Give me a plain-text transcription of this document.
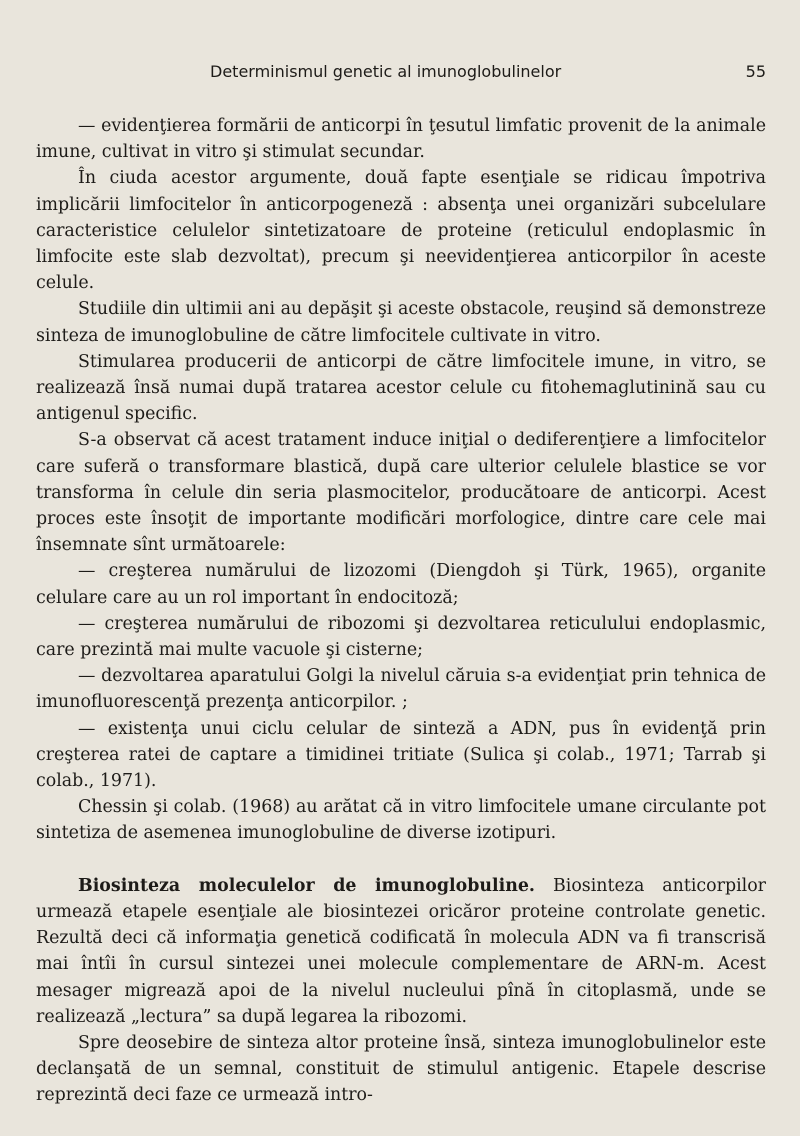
Determinismul genetic al imunoglobulinelor	55

— evidenţierea formării de anticorpi în ţesutul limfatic provenit de la animale imune, cultivat in vitro şi stimulat secundar.

În ciuda acestor argumente, două fapte esenţiale se ridicau împotriva implicării limfocitelor în anticorpogeneză : absenţa unei organizări subcelulare caracteristice celulelor sintetizatoare de proteine (reticulul endoplasmic în limfocite este slab dezvoltat), precum şi neevidenţierea anticorpilor în aceste celule.

Studiile din ultimii ani au depăşit şi aceste obstacole, reuşind să demonstreze sinteza de imunoglobuline de către limfocitele cultivate in vitro.

Stimularea producerii de anticorpi de către limfocitele imune, in vitro, se realizează însă numai după tratarea acestor celule cu fitohemaglutinină sau cu antigenul specific.

S-a observat că acest tratament induce iniţial o dediferenţiere a limfocitelor care suferă o transformare blastică, după care ulterior celulele blastice se vor transforma în celule din seria plasmocitelor, producătoare de anticorpi. Acest proces este însoţit de importante modificări morfologice, dintre care cele mai însemnate sînt următoarele:

— creşterea numărului de lizozomi (Diengdoh şi Türk, 1965), organite celulare care au un rol important în endocitoză;

— creşterea numărului de ribozomi şi dezvoltarea reticulului endoplasmic, care prezintă mai multe vacuole şi cisterne;

— dezvoltarea aparatului Golgi la nivelul căruia s-a evidenţiat prin tehnica de imunofluorescenţă prezenţa anticorpilor. ;

— existenţa unui ciclu celular de sinteză a ADN, pus în evidenţă prin creşterea ratei de captare a timidinei tritiate (Sulica şi colab., 1971; Tarrab şi colab., 1971).

Chessin şi colab. (1968) au arătat că in vitro limfocitele umane circulante pot sintetiza de asemenea imunoglobuline de diverse izotipuri.

Biosinteza moleculelor de imunoglobuline. Biosinteza anticorpilor urmează etapele esenţiale ale biosintezei oricăror proteine controlate genetic. Rezultă deci că informaţia genetică codificată în molecula ADN va fi transcrisă mai întîi în cursul sintezei unei molecule complementare de ARN-m. Acest mesager migrează apoi de la nivelul nucleului pînă în citoplasmă, unde se realizează „lectura” sa după legarea la ribozomi.

Spre deosebire de sinteza altor proteine însă, sinteza imunoglobulinelor este declanşată de un semnal, constituit de stimulul antigenic. Etapele descrise reprezintă deci faze ce urmează intro-
